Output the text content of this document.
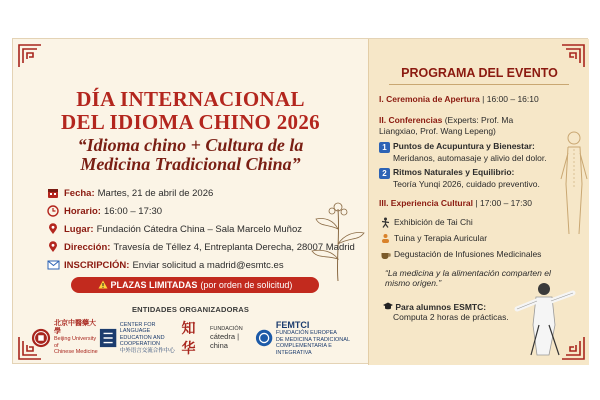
DÍA INTERNACIONAL
DEL IDIOMA CHINO 2026
“Idioma chino + Cultura de la
Medicina Tradicional China”
Fecha: Martes, 21 de abril de 2026
Horario: 16:00 – 17:30
Lugar: Fundación Cátedra China – Sala Marcelo Muñoz
Dirección: Travesía de Téllez 4, Entreplanta Derecha, 28007 Madrid
INSCRIPCIÓN: Enviar solicitud a madrid@esmtc.es
PLAZAS LIMITADAS (por orden de solicitud)
ENTIDADES ORGANIZADORAS
北京中醫藥大學
Beijing University of
Chinese Medicine
CENTER FOR LANGUAGE
EDUCATION AND
COOPERATION
中外语言交流合作中心
知华
FUNDACIÓN
cátedra | china
FEMTCI
FUNDACIÓN EUROPEA
DE MEDICINA TRADICIONAL
COMPLEMENTARIA E INTEGRATIVA
PROGRAMA DEL EVENTO
I. Ceremonia de Apertura | 16:00 – 16:10
II. Conferencias (Experts: Prof. Ma
Liangxiao, Prof. Wang Lepeng)
1 Puntos de Acupuntura y Bienestar:
Meridanos, automasaje y alivio del dolor.
2 Ritmos Naturales y Equilibrio:
Teoría Yunqi 2026, cuidado preventivo.
III. Experiencia Cultural | 17:00 – 17:30
Exhibición de Tai Chi
Tuina y Terapia Auricular
Degustación de Infusiones Medicinales
“La medicina y la alimentación comparten el mismo origen.”
Para alumnos ESMTC:
Computa 2 horas de prácticas.
